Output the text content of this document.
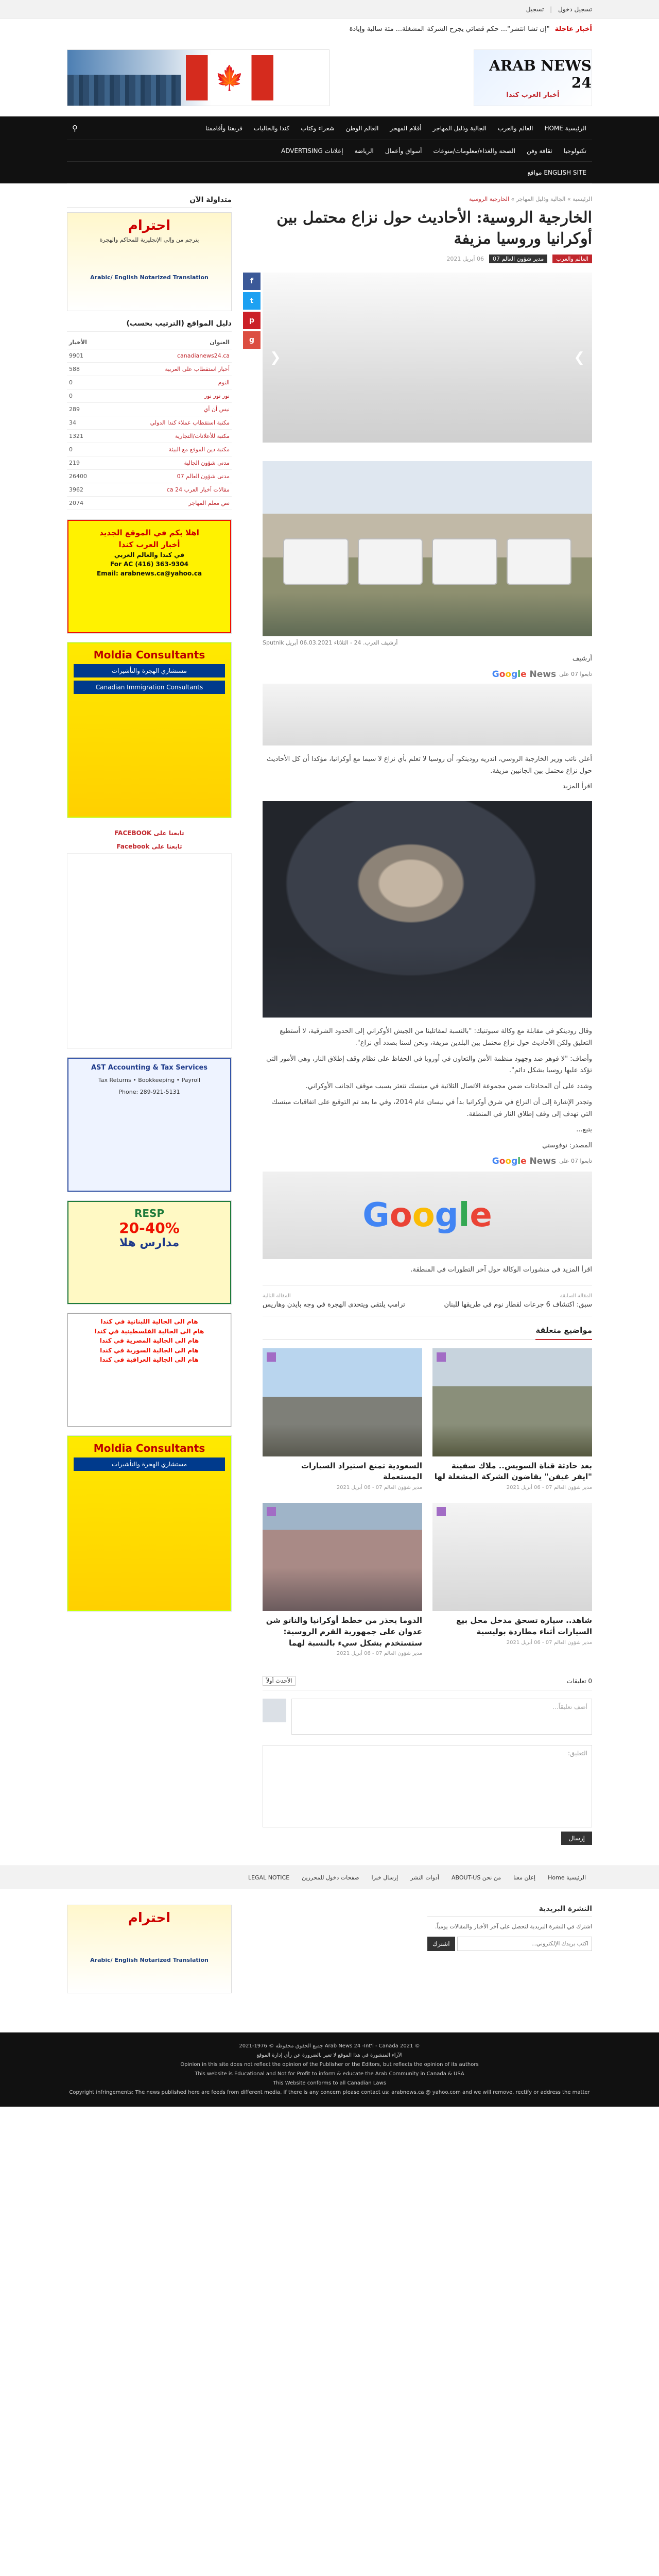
تسجيل دخول | تسجيل
أخبار عاجلة
"إن تشا انتشر"... حكم قضائي يجرح الشركة المشغلة... مئة سالية وإيادة
ARAB NEWS 24
أخبار العرب كندا
🍁
الرئيسية HOME
العالم والعرب
الجالية وذليل المهاجر
أقلام المهجر
العالم الوطن
شعراء وكتاب
كندا والجاليات
فريقنا وأقاممنا
⚲
تكنولوجيا
ثقافة وفن
الصحة والغذاء/معلومات/منوعات
أسواق وأعمال
الرياضة
إعلانات ADVERTISING
ENGLISH SITE مواقع
الرئيسية » الجالية وذليل المهاجر » الخارجية الروسية
الخارجية الروسية: الأحاديث حول نزاع محتمل بين أوكرانيا وروسيا مزيفة
العالم والعرب
مدير شؤون العالم 07
06 أبريل 2021
f
t
p
g
❮	❯
أرشيف العرب. 24 - الثلاثاء 06.03.2021 أبريل Sputnik

أرشيف

تابعوا 07 على
Google News

أعلن نائب وزير الخارجية الروسي، اندريه رودينكو، أن روسيا لا تعلم بأي نزاع لا سيما مع أوكرانيا، مؤكدا أن كل الأحاديث حول نزاع محتمل بين الجانبين مزيفة.

اقرأ المزيد

وقال رودينكو في مقابلة مع وكالة سبوتنيك: "بالنسبة لمقاتلينا من الجيش الأوكراني إلى الحدود الشرقية، لا أستطيع التعليق ولكن الأحاديث حول نزاع محتمل بين البلدين مزيفة، ونحن لسنا بصدد أي نزاع".

وأضاف: "لا فوهر ضد وجهود منظمة الأمن والتعاون في أوروبا في الحفاظ على نظام وقف إطلاق النار، وهي الأمور التي تؤكد عليها روسيا بشكل دائم".

وشدد على أن المحادثات ضمن مجموعة الاتصال الثلاثية في مينسك تتعثر بسبب موقف الجانب الأوكراني.

وتجدر الإشارة إلى أن النزاع في شرق أوكرانيا بدأ في نيسان عام 2014، وفي ما بعد تم التوقيع على اتفاقيات مينسك التي تهدف إلى وقف إطلاق النار في المنطقة.

يتبع...

المصدر: نوفوستي

تابعوا 07 على
Google News
Google

اقرأ المزيد في منشورات الوكالة حول آخر التطورات في المنطقة.

المقالة السابقة
سبق: اكتشاف 6 جرعات لقطار نوم في طريقها للبنان
المقالة التالية
ترامب يلتقي ويتحدى الهجرة في وجه بايدن وهاريس
مواضيع متعلقة
بعد حادثة قناة السويس.. ملاك سفينة "ايفر غيفن" يقاضون الشركة المشغلة لها
مدير شؤون العالم 07 - 06 أبريل 2021
السعودية تمنع استيراد السيارات المستعملة
مدير شؤون العالم 07 - 06 أبريل 2021
شاهد.. سيارة تسحق مدخل محل بيع السيارات أثناء مطاردة بوليسية
مدير شؤون العالم 07 - 06 أبريل 2021
الدوما يحذر من خطط أوكرانيا والناتو شن عدوان على جمهورية القرم الروسية: ستستخدم بشكل سيء بالنسبة لهما
مدير شؤون العالم 07 - 06 أبريل 2021
0 تعليقات
الأحدث أولاً
أضف تعليقاً...
التعليق:
إرسال
متداولة الآن
احترام
يترجم من وإلى الإنجليزية للمحاكم والهجرة
Arabic/ English Notarized Translation
دليل المواقع (الترتيب بحسب)
العنوان	الأخبار
canadianews24.ca	9901
أخبار استقطاب على العربية	588
النوم	0
نور نور نور	0
نيس أن أي	289
مكتبة استقطاب عملاء كندا الدولي	34
مكتبة للأعلانات/التجارية	1321
مكتبة دين الموقع مع البيئة	0
مدنى شؤون الجالية	219
مدنى شؤون العالم 07	26400
مقالات أخبار العرب 24 ca	3962
نص معلم المهاجر	2074
اهلا بكم في الموقع الجديد
أخبار العرب كندا
في كندا والعالم العربي
For AC (416) 363-9304
Email: arabnews.ca@yahoo.ca
Moldia Consultants
مستشاري الهجرة والتأشيرات
Canadian Immigration Consultants
تابعنا على FACEBOOK
تابعنا على Facebook
AST Accounting & Tax Services
Tax Returns • Bookkeeping • Payroll
Phone: 289-921-5131
RESP
20-40%
مدارس هلا
هام الى الجالية اللبنانية في كندا
هام الى الجالية الفلسطينية في كندا
هام الى الجالية المصرية في كندا
هام الى الجالية السورية في كندا
هام الى الجالية العراقية في كندا
Moldia Consultants
مستشاري الهجرة والتأشيرات
الرئيسية Home
إعلن معنا
من نحن ABOUT-US
أدوات النشر
إرسال خبرا
صفحات دخول للمحررين
LEGAL NOTICE
النشرة البريدية
اشترك في النشرة البريدية لتحصل على آخر الأخبار والمقالات يومياً.
اكتب بريدك الإلكتروني...
اشترك
احترام
Arabic/ English Notarized Translation
© 2021 Arab News 24 -Int'l - Canada جميع الحقوق محفوظة © 1976-2021
الآراء المنشورة في هذا الموقع لا تعبر بالضرورة عن رأي إدارة الموقع
Opinion in this site does not reflect the opinion of the Publisher or the Editors, but reflects the opinion of its authors
This website is Educational and Not for Profit to inform & educate the Arab Community in Canada & USA
This Website conforms to all Canadian Laws
Copyright infringements: The news published here are feeds from different media, if there is any concern please contact us: arabnews.ca @ yahoo.com and we will remove, rectify or address the matter
